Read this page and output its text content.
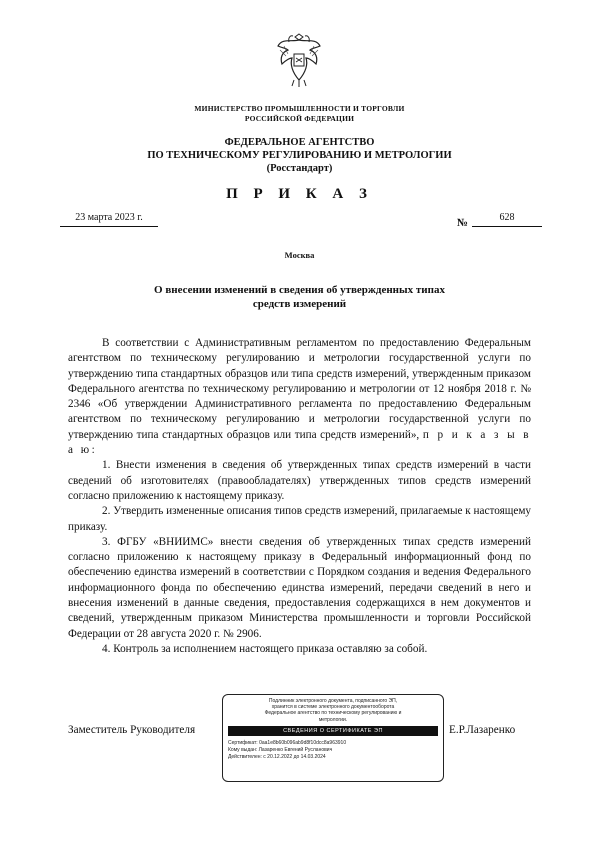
МИНИСТЕРСТВО ПРОМЫШЛЕННОСТИ И ТОРГОВЛИ
РОССИЙСКОЙ ФЕДЕРАЦИИ
ФЕДЕРАЛЬНОЕ АГЕНТСТВО
ПО ТЕХНИЧЕСКОМУ РЕГУЛИРОВАНИЮ И МЕТРОЛОГИИ
(Росстандарт)
П Р И К А З
23 марта 2023 г.	№	628
Москва
О внесении изменений в сведения об утвержденных типах
средств измерений

В соответствии с Административным регламентом по предоставлению Федеральным агентством по техническому регулированию и метрологии государственной услуги по утверждению типа стандартных образцов или типа средств измерений, утвержденным приказом Федерального агентства по техническому регулированию и метрологии от 12 ноября 2018 г. № 2346 «Об утверждении Административного регламента по предоставлению Федеральным агентством по техническому регулированию и метрологии государственной услуги по утверждению типа стандартных образцов или типа средств измерений», п р и к а з ы в а ю:

1. Внести изменения в сведения об утвержденных типах средств измерений в части сведений об изготовителях (правообладателях) утвержденных типов средств измерений согласно приложению к настоящему приказу.

2. Утвердить измененные описания типов средств измерений, прилагаемые к настоящему приказу.

3. ФГБУ «ВНИИМС» внести сведения об утвержденных типах средств измерений согласно приложению к настоящему приказу в Федеральный информационный фонд по обеспечению единства измерений в соответствии с Порядком создания и ведения Федерального информационного фонда по обеспечению единства измерений, передачи сведений в него и внесения изменений в данные сведения, предоставления содержащихся в нем документов и сведений, утвержденным приказом Министерства промышленности и торговли Российской Федерации от 28 августа 2020 г. № 2906.

4. Контроль за исполнением настоящего приказа оставляю за собой.

Заместитель Руководителя	Е.Р.Лазаренко
Подлинник электронного документа, подписанного ЭП,
хранится в системе электронного документооборота
Федеральное агентство по техническому регулированию и
метрологии.
СВЕДЕНИЯ О СЕРТИФИКАТЕ ЭП
Сертификат: 0aa1e8b60b096ab9d8f10dcc8a963910
Кому выдан: Лазаренко Евгений Русланович
Действителен: с 20.12.2022 до 14.03.2024
